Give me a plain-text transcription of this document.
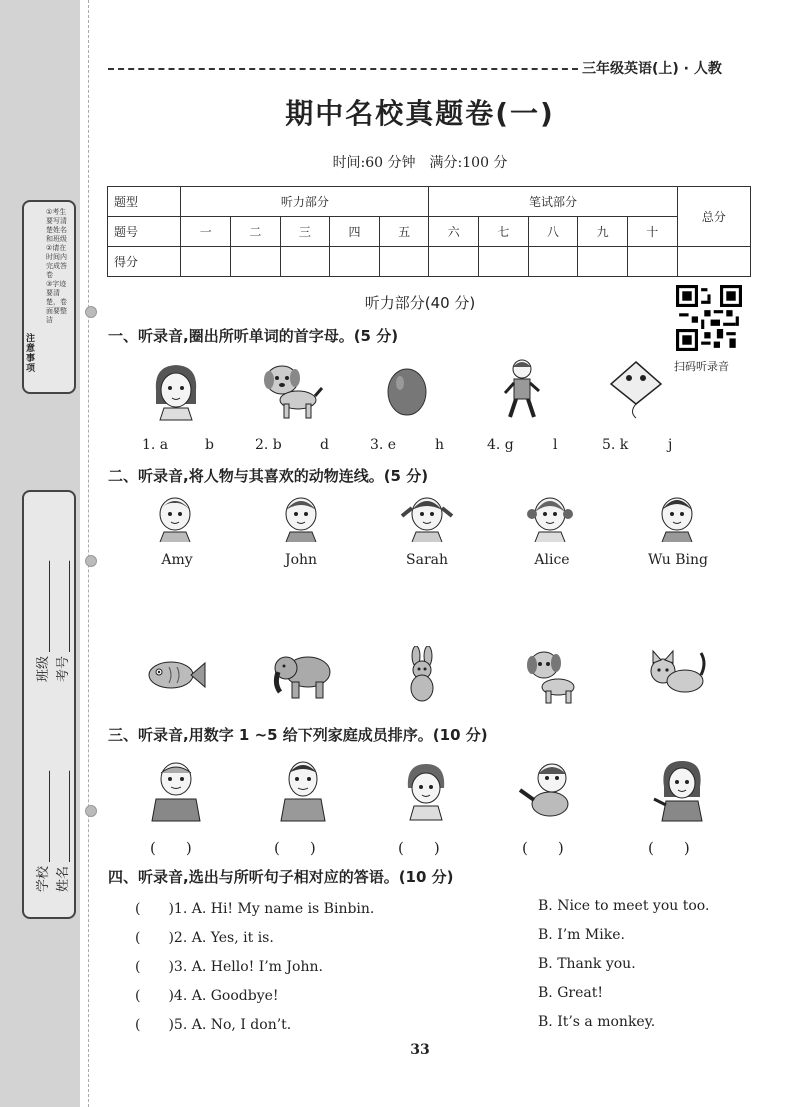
注意事项
①考生要写清楚姓名和班级
②请在时间内完成答卷
③字迹要清楚，卷面要整洁
学校 ______________
姓名 ______________
班级 ______________
考号 ______________
三年级英语(上) · 人教
期中名校真题卷(一)
时间:60 分钟　满分:100 分
题型	听力部分					笔试部分					总分
题号	一	二	三	四	五	六	七	八	九	十	
得分											
听力部分(40 分)
扫码听录音
一、听录音,圈出所听单词的首字母。(5 分)
1. a	b	2. b	d	3. e	h	4. g	l	5. k	j
二、听录音,将人物与其喜欢的动物连线。(5 分)
Amy	John	Sarah	Alice	Wu Bing
三、听录音,用数字 1 ~5 给下列家庭成员排序。(10 分)
(　　)	(　　)	(　　)	(　　)	(　　)
四、听录音,选出与所听句子相对应的答语。(10 分)
(　　)1. A. Hi! My name is Binbin.	B. Nice to meet you too.
(　　)2. A. Yes, it is.	B. I’m Mike.
(　　)3. A. Hello! I’m John.	B. Thank you.
(　　)4. A. Goodbye!	B. Great!
(　　)5. A. No, I don’t.	B. It’s a monkey.
33
